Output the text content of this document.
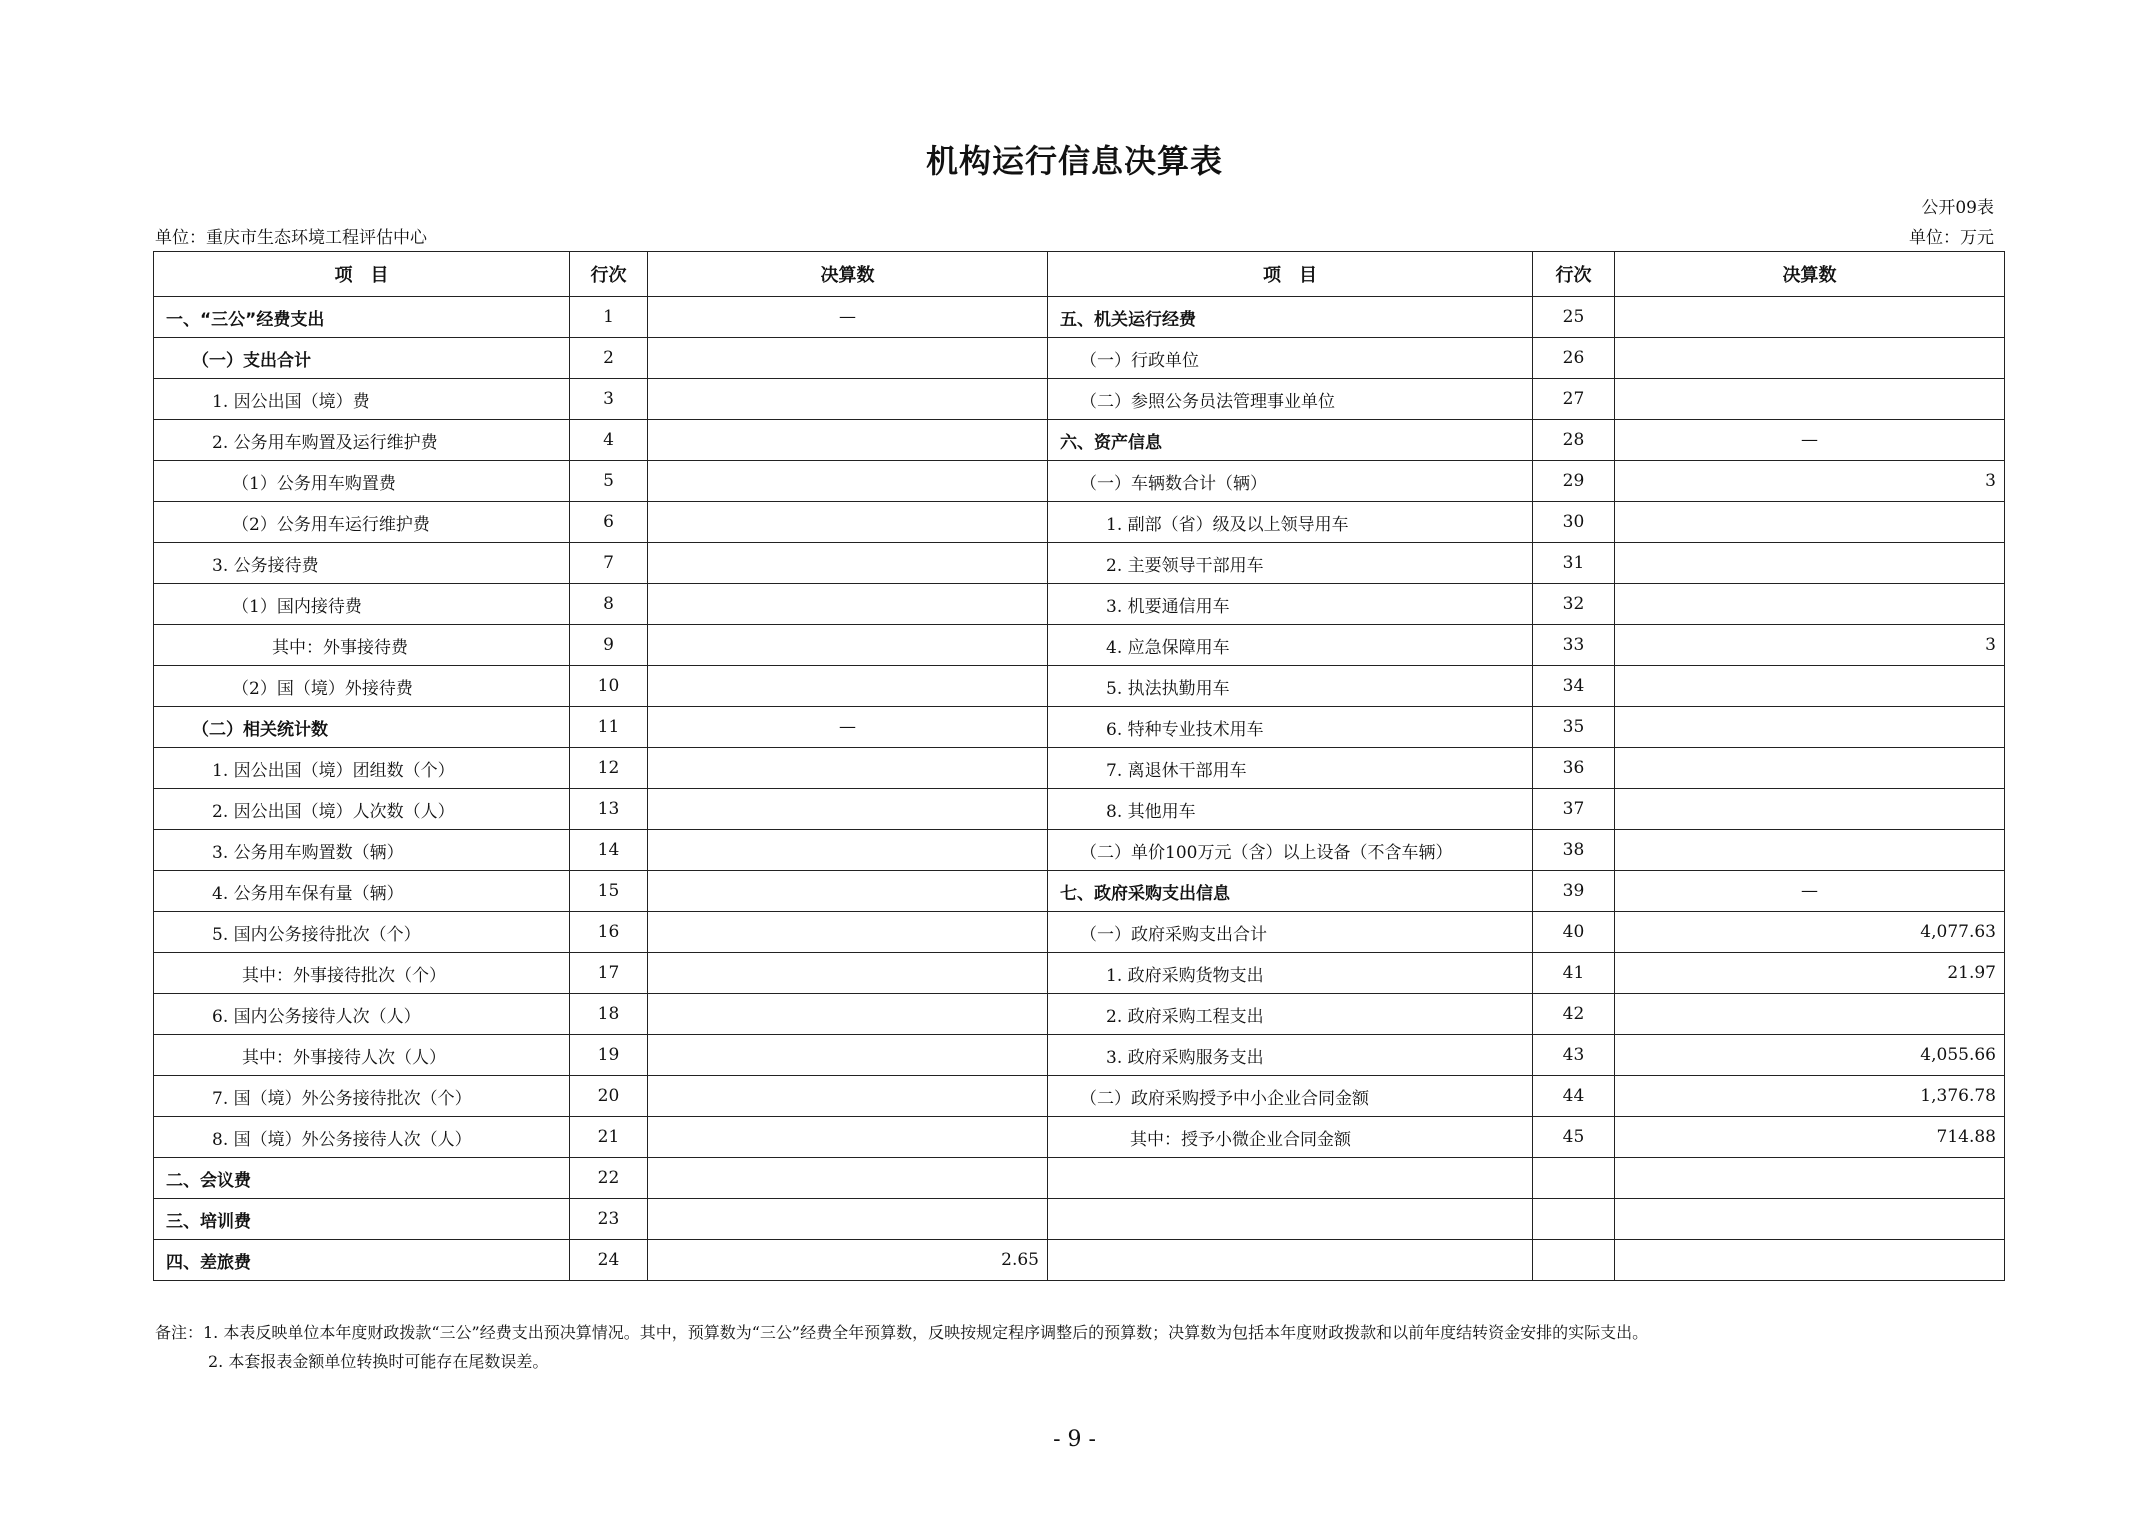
机构运行信息决算表
公开09表
单位：重庆市生态环境工程评估中心	单位：万元
项　目	行次	决算数	项　目	行次	决算数
一、“三公”经费支出	1	—	五、机关运行经费	25	
（一）支出合计	2		（一）行政单位	26	
1. 因公出国（境）费	3		（二）参照公务员法管理事业单位	27	
2. 公务用车购置及运行维护费	4		六、资产信息	28	—
（1）公务用车购置费	5		（一）车辆数合计（辆）	29	3
（2）公务用车运行维护费	6		1. 副部（省）级及以上领导用车	30	
3. 公务接待费	7		2. 主要领导干部用车	31	
（1）国内接待费	8		3. 机要通信用车	32	
其中：外事接待费	9		4. 应急保障用车	33	3
（2）国（境）外接待费	10		5. 执法执勤用车	34	
（二）相关统计数	11	—	6. 特种专业技术用车	35	
1. 因公出国（境）团组数（个）	12		7. 离退休干部用车	36	
2. 因公出国（境）人次数（人）	13		8. 其他用车	37	
3. 公务用车购置数（辆）	14		（二）单价100万元（含）以上设备（不含车辆）	38	
4. 公务用车保有量（辆）	15		七、政府采购支出信息	39	—
5. 国内公务接待批次（个）	16		（一）政府采购支出合计	40	4,077.63
其中：外事接待批次（个）	17		1. 政府采购货物支出	41	21.97
6. 国内公务接待人次（人）	18		2. 政府采购工程支出	42	
其中：外事接待人次（人）	19		3. 政府采购服务支出	43	4,055.66
7. 国（境）外公务接待批次（个）	20		（二）政府采购授予中小企业合同金额	44	1,376.78
8. 国（境）外公务接待人次（人）	21		其中：授予小微企业合同金额	45	714.88
二、会议费	22				
三、培训费	23				
四、差旅费	24	2.65			
备注：1. 本表反映单位本年度财政拨款“三公”经费支出预决算情况。其中，预算数为“三公”经费全年预算数，反映按规定程序调整后的预算数；决算数为包括本年度财政拨款和以前年度结转资金安排的实际支出。
2. 本套报表金额单位转换时可能存在尾数误差。
- 9 -
